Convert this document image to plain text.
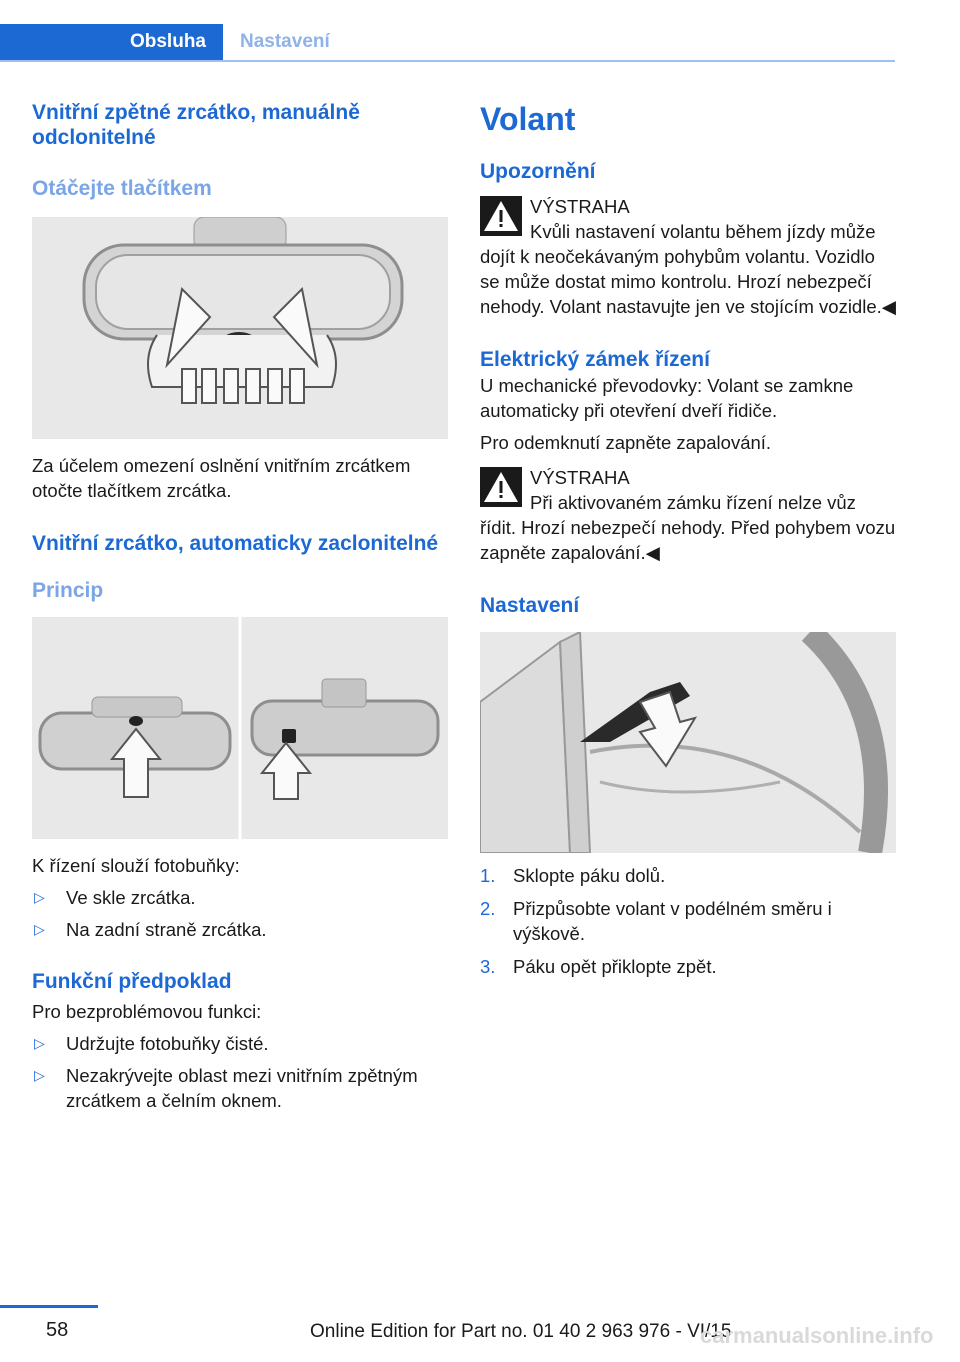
Obsluha	Nastavení
Vnitřní zpětné zrcátko, manuálně odclonitelné
Otáčejte tlačítkem

Za účelem omezení oslnění vnitřním zrcátkem otočte tlačítkem zrcátka.

Vnitřní zrcátko, automaticky zaclonitelné
Princip

K řízení slouží fotobuňky:

▷	Ve skle zrcátka.
▷	Na zadní straně zrcátka.
Funkční předpoklad

Pro bezproblémovou funkci:

▷	Udržujte fotobuňky čisté.
▷	Nezakrývejte oblast mezi vnitřním zpětným zrcátkem a čelním oknem.
Volant
Upozornění
VÝSTRAHA
Kvůli nastavení volantu během jízdy může dojít k neočekávaným pohybům volantu. Vozidlo se může dostat mimo kontrolu. Hrozí nebezpečí nehody. Volant nastavujte jen ve stojícím vozidle.◀
Elektrický zámek řízení

U mechanické převodovky: Volant se zamkne automaticky při otevření dveří řidiče.

Pro odemknutí zapněte zapalování.

VÝSTRAHA
Při aktivovaném zámku řízení nelze vůz řídit. Hrozí nebezpečí nehody. Před pohybem vozu zapněte zapalování.◀
Nastavení
1. Sklopte páku dolů.
2. Přizpůsobte volant v podélném směru i výškově.
3. Páku opět přiklopte zpět.
58	Online Edition for Part no. 01 40 2 963 976 - VI/15
carmanualsonline.info
